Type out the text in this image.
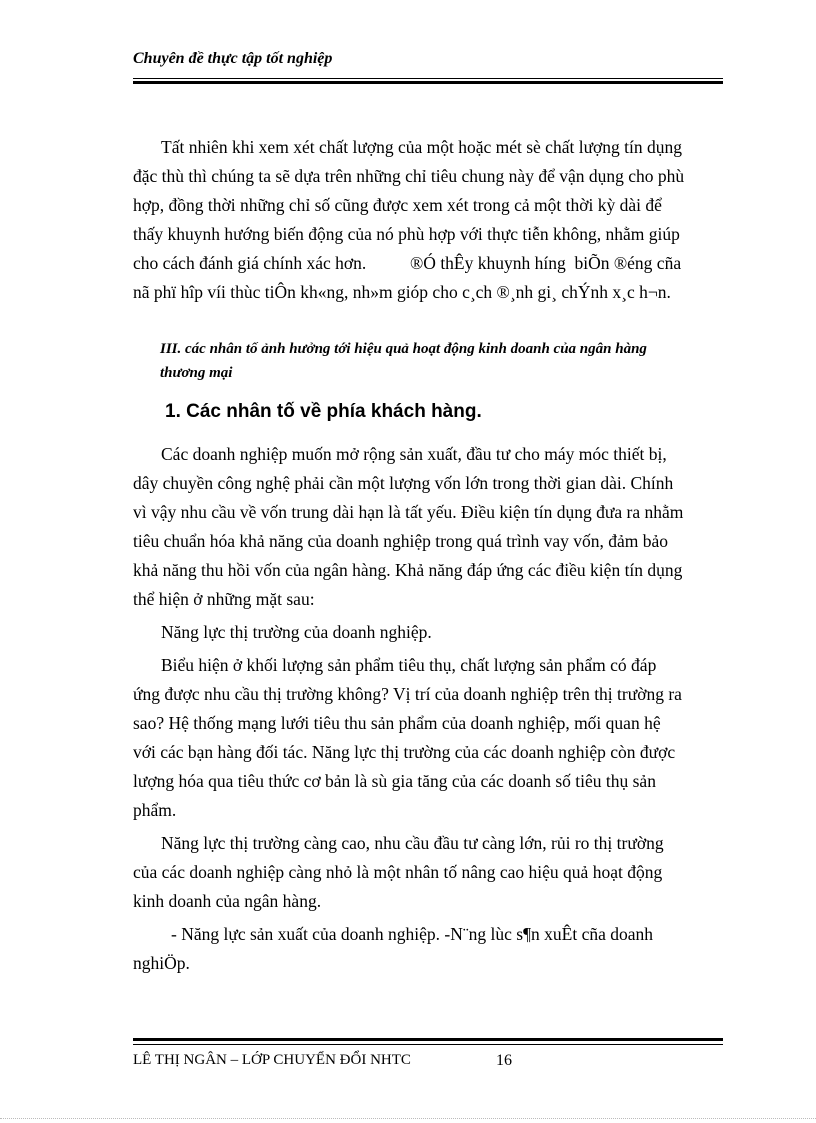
Chuyên đề thực tập tốt nghiệp
Tất nhiên khi xem xét chất lượng của một hoặc mét sè chất lượng tín dụng
đặc thù thì chúng ta sẽ dựa trên những chỉ tiêu chung này để vận dụng cho phù
hợp, đồng thời những chỉ số cũng được xem xét trong cả một thời kỳ dài để
thấy khuynh hướng biến động của nó phù hợp với thực tiễn không, nhằm giúp
cho cách đánh giá chính xác hơn.          ®Ó thÊy khuynh híng  biÕn ®éng cña
nã phï hîp víi thùc tiÔn kh«ng, nh»m gióp cho c¸ch ®¸nh gi¸ chÝnh x¸c h¬n.
III. các nhân tố ảnh hưởng tới hiệu quả hoạt động kinh doanh của ngân hàng
thương mại
1. Các nhân tố về phía khách hàng.
Các doanh nghiệp muốn mở rộng sản xuất, đầu tư cho máy móc thiết bị,
dây chuyền công nghệ phải cần một lượng vốn lớn trong thời gian dài. Chính
vì vậy nhu cầu về vốn trung dài hạn là tất yếu. Điều kiện tín dụng đưa ra nhằm
tiêu chuẩn hóa khả năng của doanh nghiệp trong quá trình vay vốn, đảm bảo
khả năng thu hồi vốn của ngân hàng. Khả năng đáp ứng các điều kiện tín dụng
thể hiện ở những mặt sau:

Năng lực thị trường của doanh nghiệp.

Biểu hiện ở khối lượng sản phẩm tiêu thụ, chất lượng sản phẩm có đáp
ứng được nhu cầu thị trường không? Vị trí của doanh nghiệp trên thị trường ra
sao? Hệ thống mạng lưới tiêu thu sản phẩm của doanh nghiệp, mối quan hệ
với các bạn hàng đối tác. Năng lực thị trường của các doanh nghiệp còn được
lượng hóa qua tiêu thức cơ bản là sù gia tăng của các doanh số tiêu thụ sản
phẩm.
Năng lực thị trường càng cao, nhu cầu đầu tư càng lớn, rủi ro thị trường
của các doanh nghiệp càng nhỏ là một nhân tố nâng cao hiệu quả hoạt động
kinh doanh của ngân hàng.
- Năng lực sản xuất của doanh nghiệp. -N¨ng lùc s¶n xuÊt cña doanh
nghiÖp.
LÊ THỊ NGÂN – LỚP CHUYỂN ĐỔI NHTC	16
